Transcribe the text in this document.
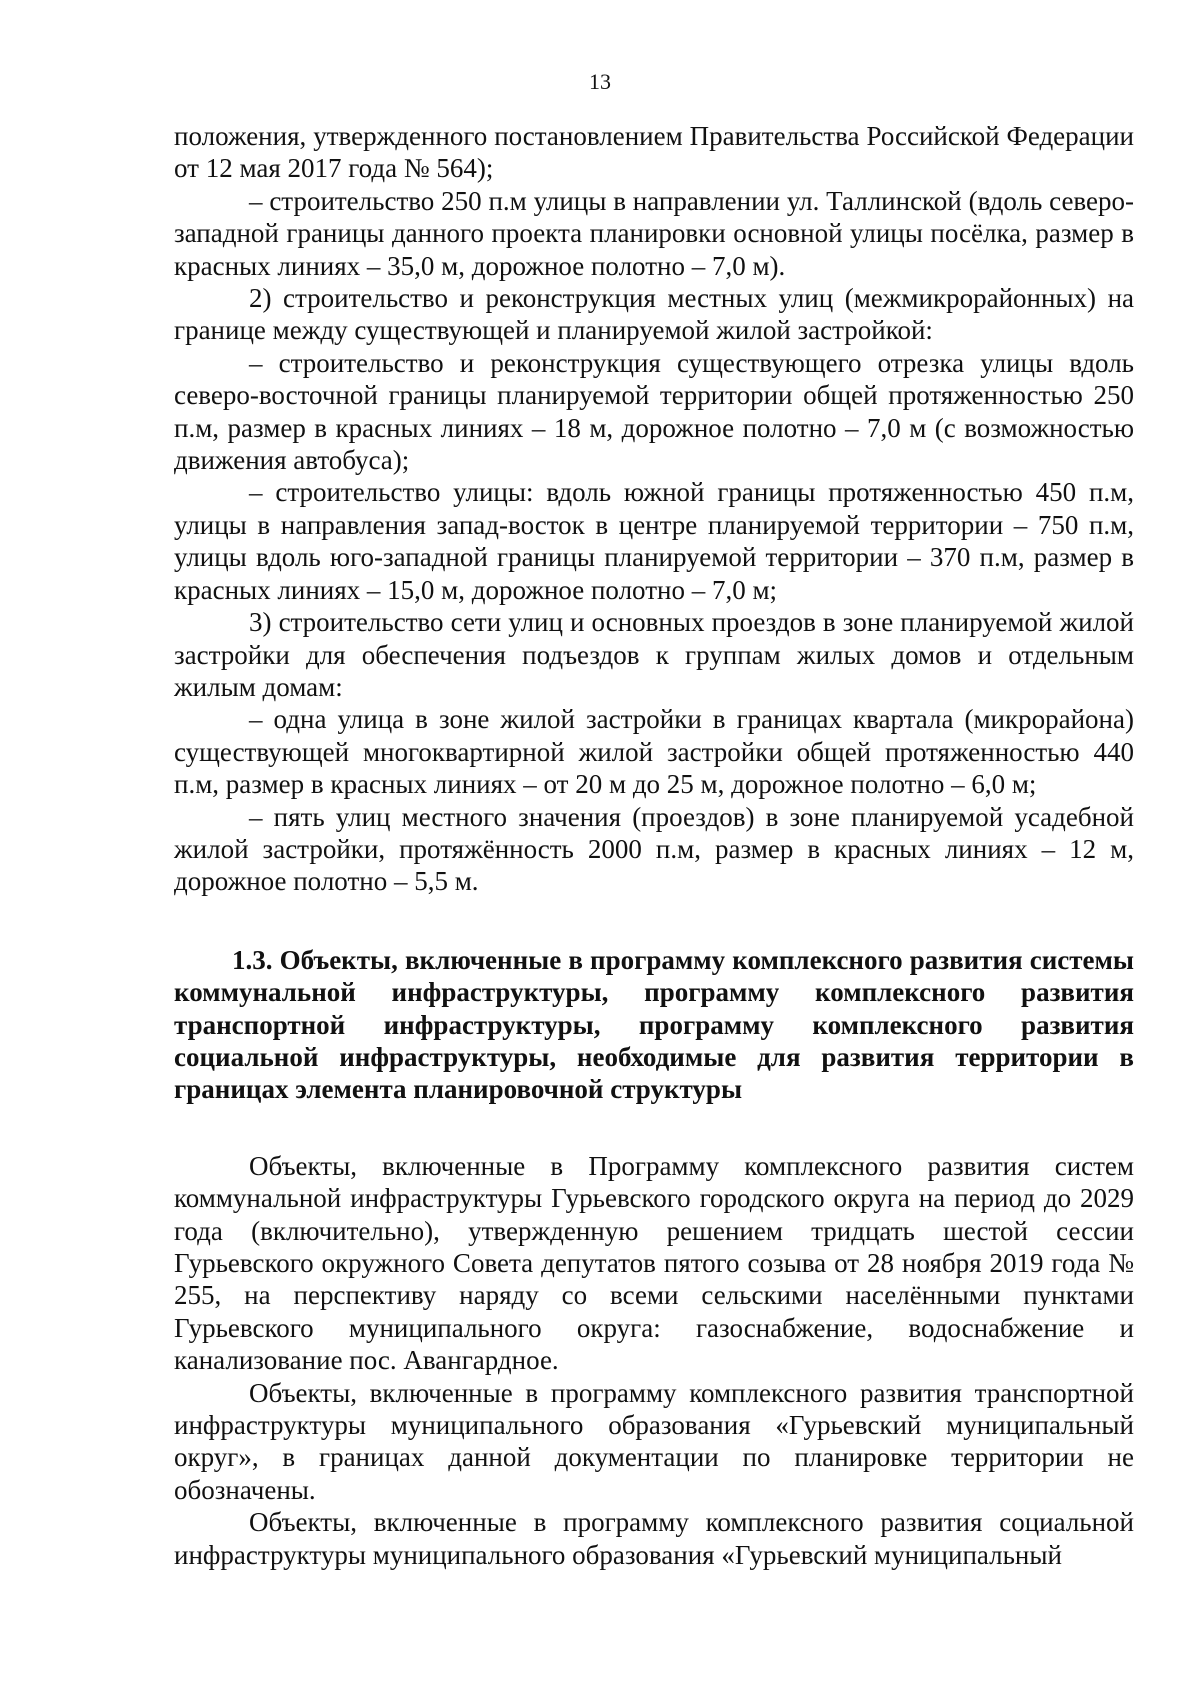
13

положения, утвержденного постановлением Правительства Российской Федерации от 12 мая 2017 года № 564);

– строительство 250 п.м улицы в направлении ул. Таллинской (вдоль северо-западной границы данного проекта планировки основной улицы посёлка, размер в красных линиях – 35,0 м, дорожное полотно – 7,0 м).

2) строительство и реконструкция местных улиц (межмикрорайонных) на границе между существующей и планируемой жилой застройкой:

– строительство и реконструкция существующего отрезка улицы вдоль северо-восточной границы планируемой территории общей протяженностью 250 п.м, размер в красных линиях – 18 м, дорожное полотно – 7,0 м (с возможностью движения автобуса);

– строительство улицы: вдоль южной границы протяженностью 450 п.м, улицы в направления запад-восток в центре планируемой территории – 750 п.м, улицы вдоль юго-западной границы планируемой территории – 370 п.м, размер в красных линиях – 15,0 м, дорожное полотно – 7,0 м;

3) строительство сети улиц и основных проездов в зоне планируемой жилой застройки для обеспечения подъездов к группам жилых домов и отдельным жилым домам:

– одна улица в зоне жилой застройки в границах квартала (микрорайона) существующей многоквартирной жилой застройки общей протяженностью 440 п.м, размер в красных линиях – от 20 м до 25 м, дорожное полотно – 6,0 м;

– пять улиц местного значения (проездов) в зоне планируемой усадебной жилой застройки, протяжённость 2000 п.м, размер в красных линиях – 12 м, дорожное полотно – 5,5 м.

1.3. Объекты, включенные в программу комплексного развития системы коммунальной инфраструктуры, программу комплексного развития транспортной инфраструктуры, программу комплексного развития социальной инфраструктуры, необходимые для развития территории в границах элемента планировочной структуры

Объекты, включенные в Программу комплексного развития систем коммунальной инфраструктуры Гурьевского городского округа на период до 2029 года (включительно), утвержденную решением тридцать шестой сессии Гурьевского окружного Совета депутатов пятого созыва от 28 ноября 2019 года № 255, на перспективу наряду со всеми сельскими населёнными пунктами Гурьевского муниципального округа: газоснабжение, водоснабжение и канализование пос. Авангардное.

Объекты, включенные в программу комплексного развития транспортной инфраструктуры муниципального образования «Гурьевский муниципальный округ», в границах данной документации по планировке территории не обозначены.

Объекты, включенные в программу комплексного развития социальной инфраструктуры муниципального образования «Гурьевский муниципальный
